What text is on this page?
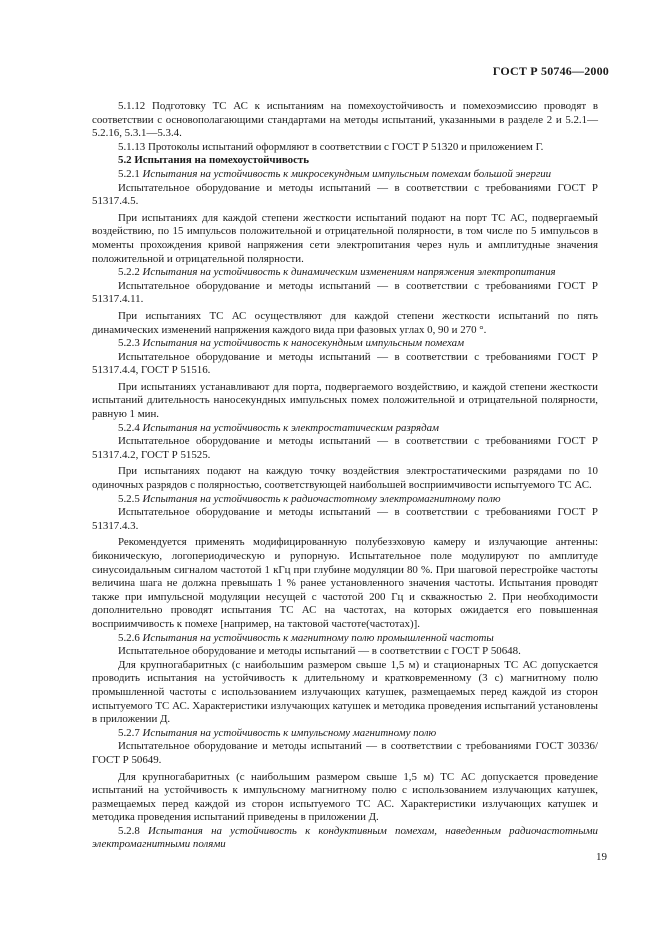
ГОСТ Р 50746—2000

5.1.12 Подготовку ТС АС к испытаниям на помехоустойчивость и помехоэмиссию проводят в соответствии с основополагающими стандартами на методы испытаний, указанными в разделе 2 и 5.2.1—5.2.16, 5.3.1—5.3.4.

5.1.13 Протоколы испытаний оформляют в соответствии с ГОСТ Р 51320 и приложением Г.

5.2 Испытания на помехоустойчивость

5.2.1 Испытания на устойчивость к микросекундным импульсным помехам большой энергии

Испытательное оборудование и методы испытаний — в соответствии с требованиями ГОСТ Р 51317.4.5.

При испытаниях для каждой степени жесткости испытаний подают на порт ТС АС, подвергаемый воздействию, по 15 импульсов положительной и отрицательной полярности, в том числе по 5 импульсов в моменты прохождения кривой напряжения сети электропитания через нуль и амплитудные значения положительной и отрицательной полярности.

5.2.2 Испытания на устойчивость к динамическим изменениям напряжения электропитания

Испытательное оборудование и методы испытаний — в соответствии с требованиями ГОСТ Р 51317.4.11.

При испытаниях ТС АС осуществляют для каждой степени жесткости испытаний по пять динамических изменений напряжения каждого вида при фазовых углах 0, 90 и 270 °.

5.2.3 Испытания на устойчивость к наносекундным импульсным помехам

Испытательное оборудование и методы испытаний — в соответствии с требованиями ГОСТ Р 51317.4.4, ГОСТ Р 51516.

При испытаниях устанавливают для порта, подвергаемого воздействию, и каждой степени жесткости испытаний длительность наносекундных импульсных помех положительной и отрицательной полярности, равную 1 мин.

5.2.4 Испытания на устойчивость к электростатическим разрядам

Испытательное оборудование и методы испытаний — в соответствии с требованиями ГОСТ Р 51317.4.2, ГОСТ Р 51525.

При испытаниях подают на каждую точку воздействия электростатическими разрядами по 10 одиночных разрядов с полярностью, соответствующей наибольшей восприимчивости испытуемого ТС АС.

5.2.5 Испытания на устойчивость к радиочастотному электромагнитному полю

Испытательное оборудование и методы испытаний — в соответствии с требованиями ГОСТ Р 51317.4.3.

Рекомендуется применять модифицированную полубезэховую камеру и излучающие антенны: биконическую, логопериодическую и рупорную. Испытательное поле модулируют по амплитуде синусоидальным сигналом частотой 1 кГц при глубине модуляции 80 %. При шаговой перестройке частоты величина шага не должна превышать 1 % ранее установленного значения частоты. Испытания проводят также при импульсной модуляции несущей с частотой 200 Гц и скважностью 2. При необходимости дополнительно проводят испытания ТС АС на частотах, на которых ожидается его повышенная восприимчивость к помехе [например, на тактовой частоте(частотах)].

5.2.6 Испытания на устойчивость к магнитному полю промышленной частоты

Испытательное оборудование и методы испытаний — в соответствии с ГОСТ Р 50648.

Для крупногабаритных (с наибольшим размером свыше 1,5 м) и стационарных ТС АС допускается проводить испытания на устойчивость к длительному и кратковременному (3 с) магнитному полю промышленной частоты с использованием излучающих катушек, размещаемых перед каждой из сторон испытуемого ТС АС. Характеристики излучающих катушек и методика проведения испытаний установлены в приложении Д.

5.2.7 Испытания на устойчивость к импульсному магнитному полю

Испытательное оборудование и методы испытаний — в соответствии с требованиями ГОСТ 30336/ГОСТ Р 50649.

Для крупногабаритных (с наибольшим размером свыше 1,5 м) ТС АС допускается проведение испытаний на устойчивость к импульсному магнитному полю с использованием излучающих катушек, размещаемых перед каждой из сторон испытуемого ТС АС. Характеристики излучающих катушек и методика проведения испытаний приведены в приложении Д.

5.2.8 Испытания на устойчивость к кондуктивным помехам, наведенным радиочастотными электромагнитными полями

19
